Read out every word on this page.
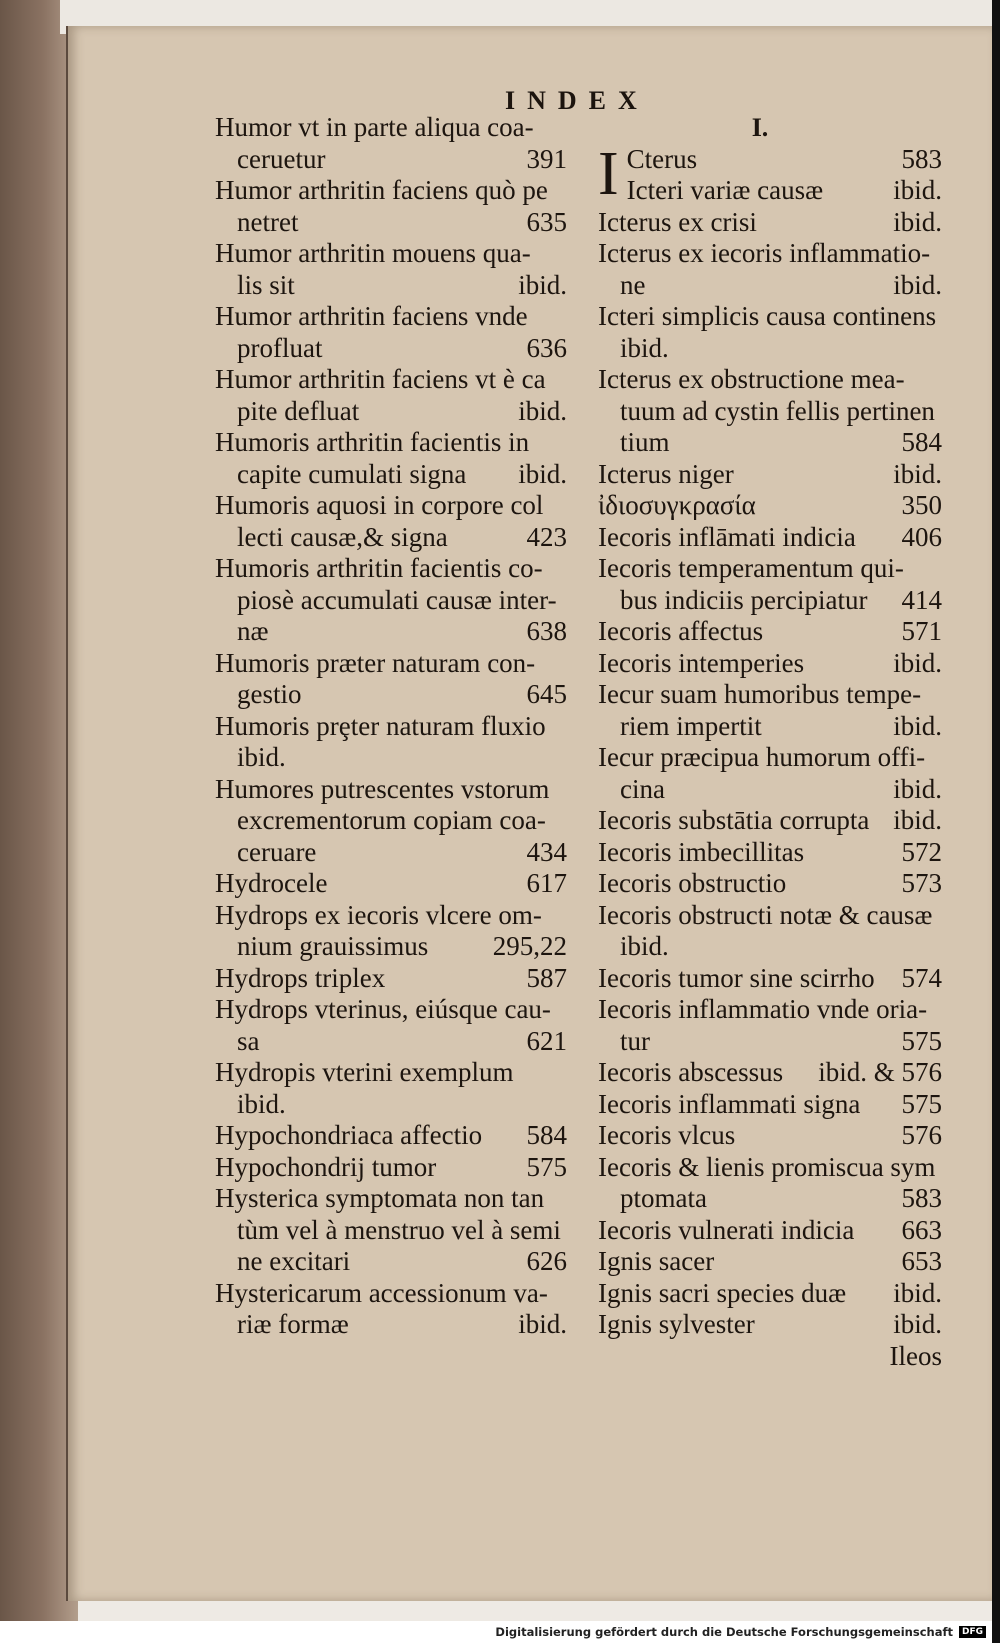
INDEX
Humor vt in parte aliqua coa-
ceruetur	391
Humor arthritin faciens quò pe
netret	635
Humor arthritin mouens qua-
lis sit	ibid.
Humor arthritin faciens vnde
profluat	636
Humor arthritin faciens vt è ca
pite defluat	ibid.
Humoris arthritin facientis in
capite cumulati signa ibid.
Humoris aquosi in corpore col
lecti causæ,& signa	423
Humoris arthritin facientis co-
piosè accumulati causæ inter-
næ	638
Humoris præter naturam con-
gestio	645
Humoris prȩter naturam fluxio
ibid.
Humores putrescentes vstorum
excrementorum copiam coa-
ceruare	434
Hydrocele	617
Hydrops ex iecoris vlcere om-
nium grauissimus 295,22
Hydrops triplex	587
Hydrops vterinus, eiúsque cau-
sa	621
Hydropis vterini exemplum
ibid.
Hypochondriaca affectio 584
Hypochondrij tumor	575
Hysterica symptomata non tan
tùm vel à menstruo vel à semi
ne excitari	626
Hystericarum accessionum va-
riæ formæ	ibid.
I.
I Cterus	583
Icteri variæ causæ	ibid.
Icterus ex crisi	ibid.
Icterus ex iecoris inflammatio-
ne	ibid.
Icteri simplicis causa continens
ibid.
Icterus ex obstructione mea-
tuum ad cystin fellis pertinen
tium	584
Icterus niger	ibid.
ἰδιοσυγκρασία	350
Iecoris inflāmati indicia 406
Iecoris temperamentum qui-
bus indiciis percipiatur 414
Iecoris affectus	571
Iecoris intemperies	ibid.
Iecur suam humoribus tempe-
riem impertit	ibid.
Iecur præcipua humorum offi-
cina	ibid.
Iecoris substātia corrupta ibid.
Iecoris imbecillitas	572
Iecoris obstructio	573
Iecoris obstructi notæ & causæ
ibid.
Iecoris tumor sine scirrho 574
Iecoris inflammatio vnde oria-
tur	575
Iecoris abscessus ibid. & 576
Iecoris inflammati signa 575
Iecoris vlcus	576
Iecoris & lienis promiscua sym
ptomata	583
Iecoris vulnerati indicia 663
Ignis sacer	653
Ignis sacri species duæ ibid.
Ignis sylvester	ibid.
Ileos
Digitalisierung gefördert durch die Deutsche Forschungsgemeinschaft	DFG
